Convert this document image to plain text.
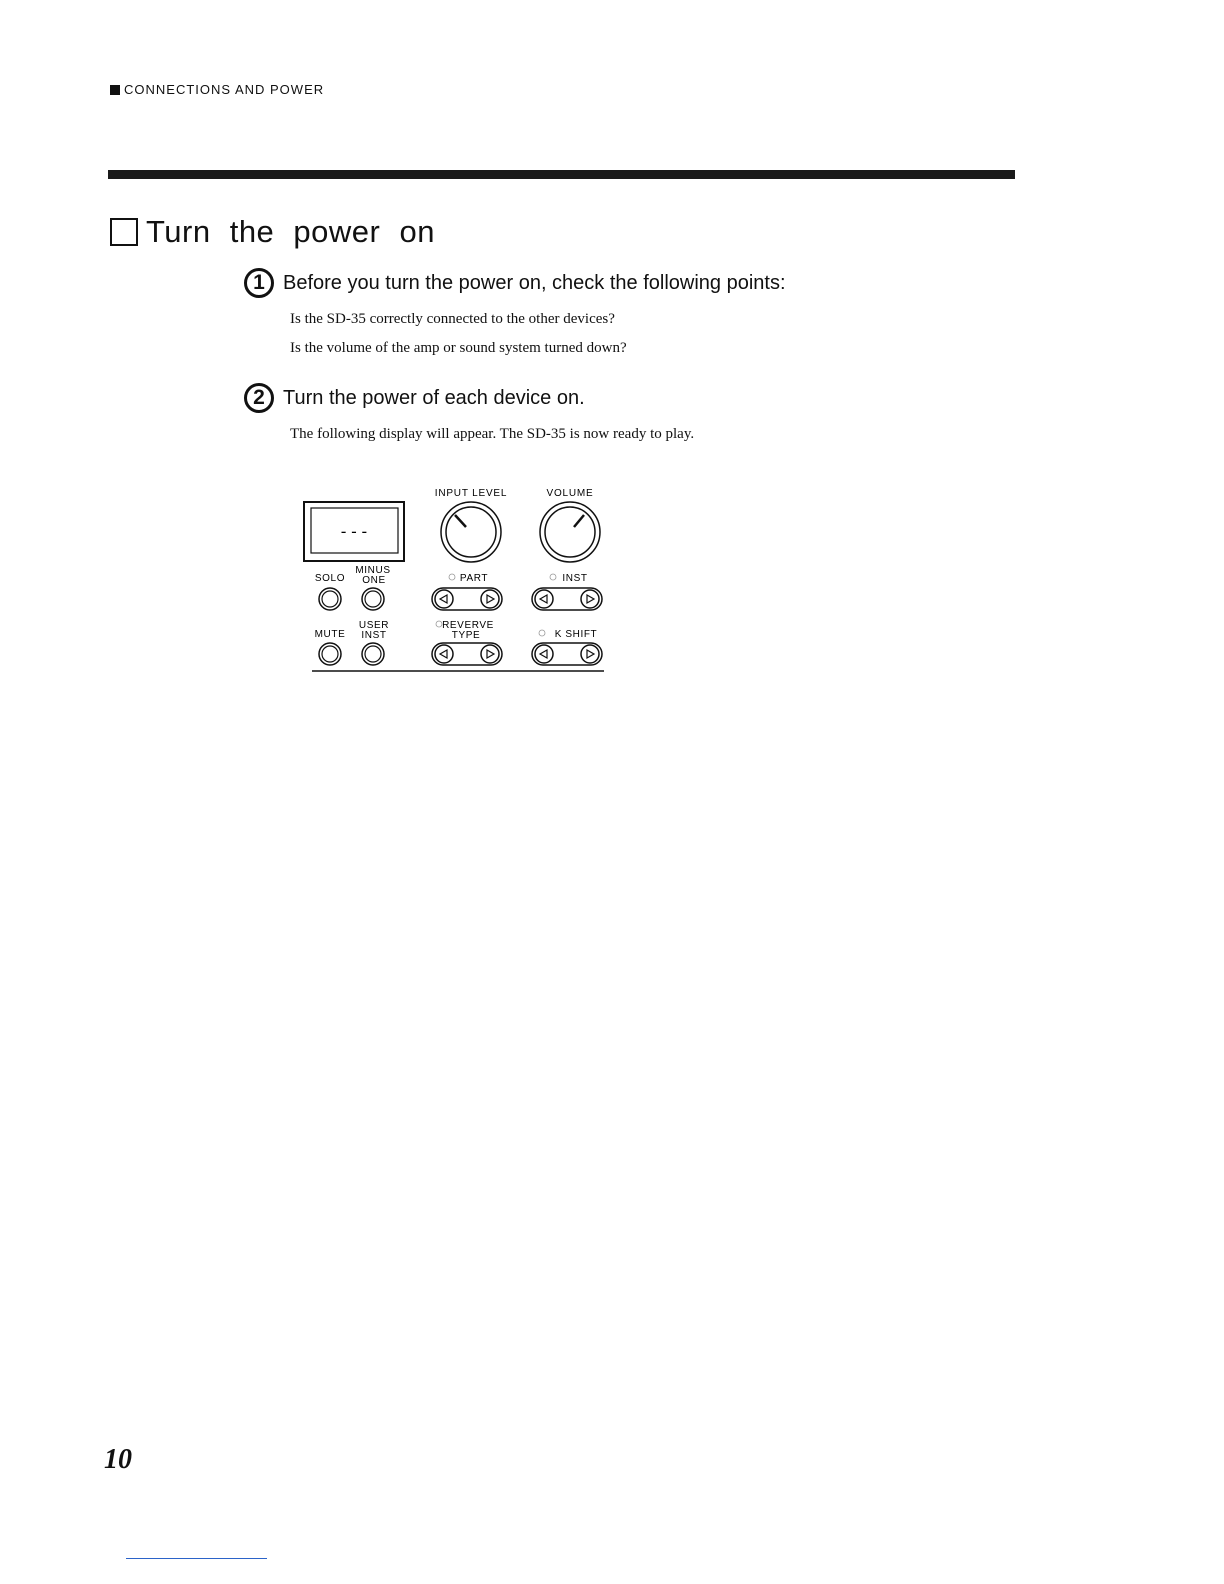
CONNECTIONS AND POWER
Turn the power on
1 Before you turn the power on, check the following points:
Is the SD-35 correctly connected to the other devices?
Is the volume of the amp or sound system turned down?
2 Turn the power of each device on.
The following display will appear. The SD-35 is now ready to play.
- - -
INPUT LEVEL	VOLUME
SOLO
MINUS
ONE	PART	INST
MUTE
USER
INST
REVERVE
TYPE	K SHIFT
10
